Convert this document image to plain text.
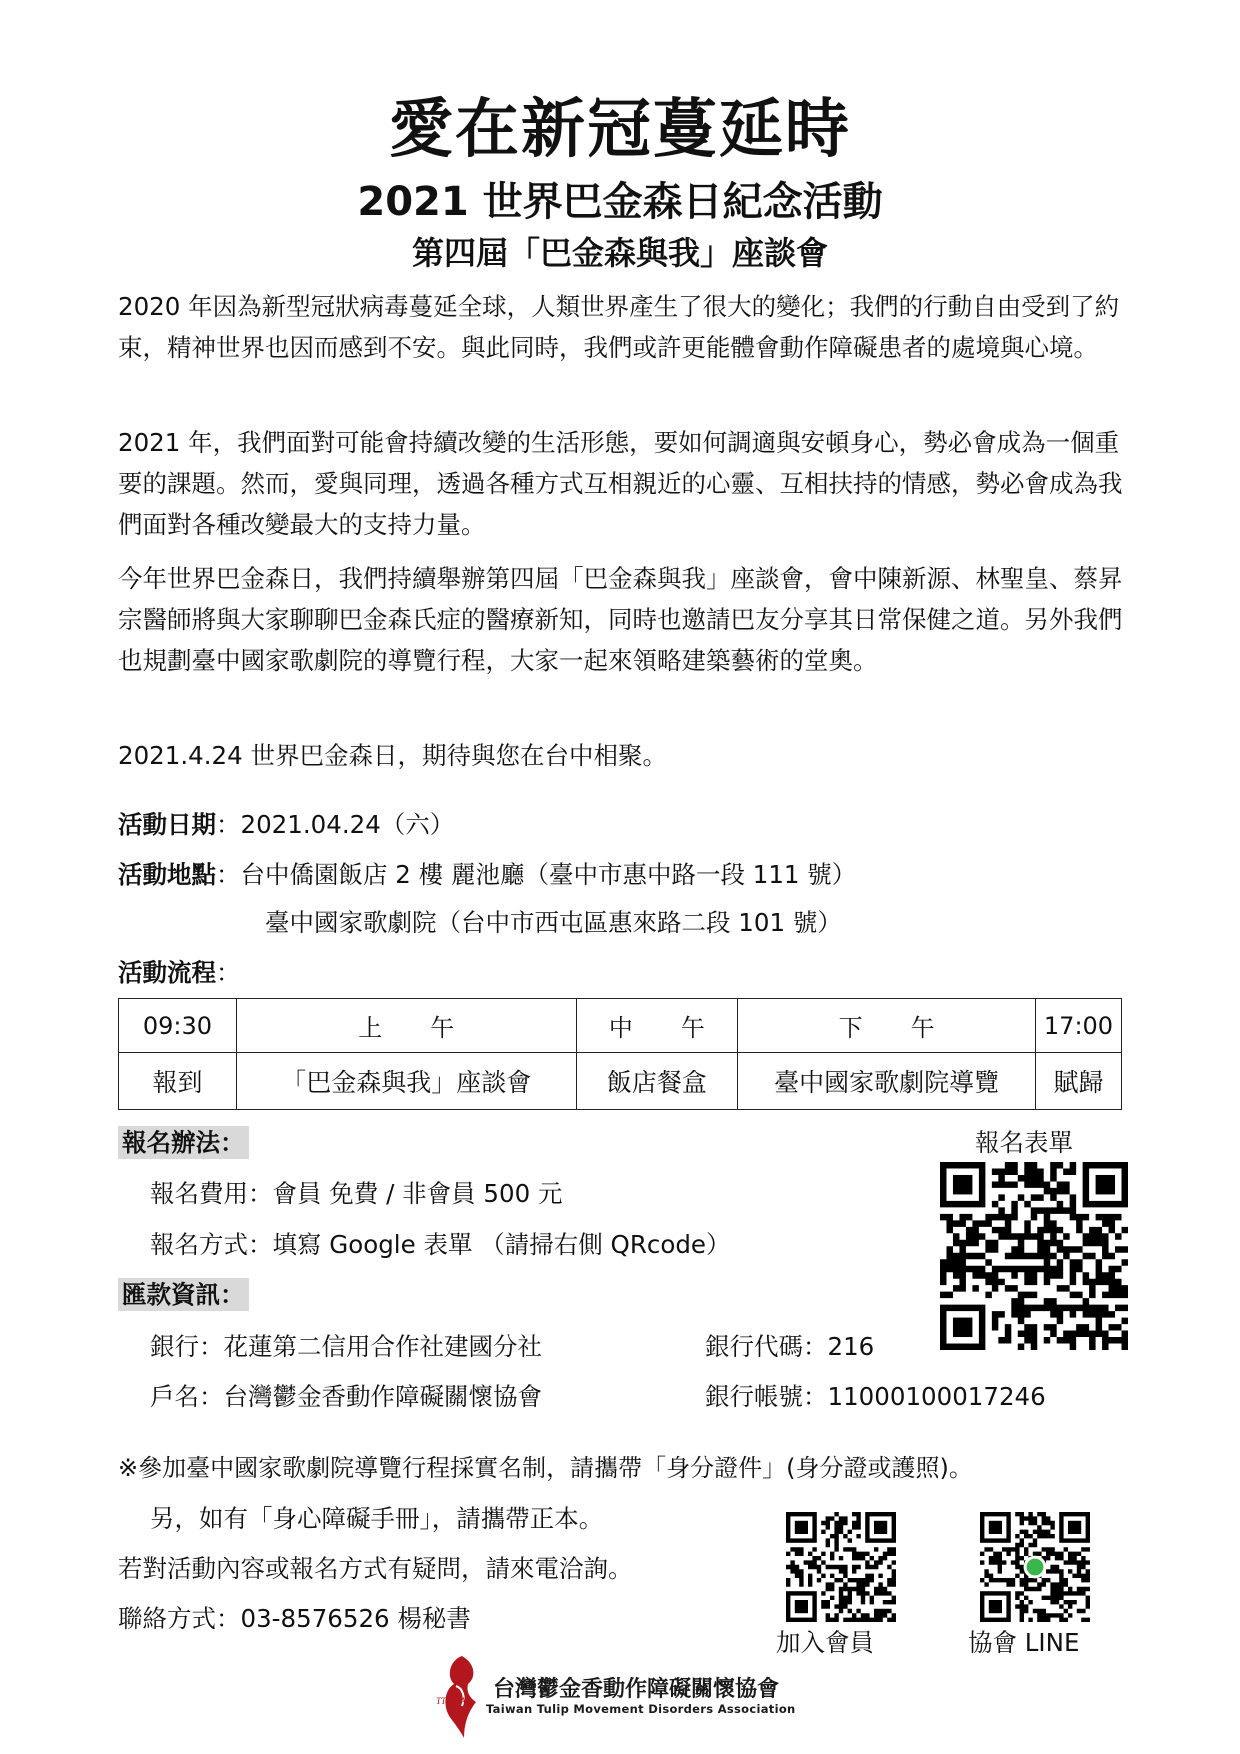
愛在新冠蔓延時
2021 世界巴金森日紀念活動
第四屆「巴金森與我」座談會
2020 年因為新型冠狀病毒蔓延全球，人類世界產生了很大的變化；我們的行動自由受到了約束，精神世界也因而感到不安。與此同時，我們或許更能體會動作障礙患者的處境與心境。
2021 年，我們面對可能會持續改變的生活形態，要如何調適與安頓身心，勢必會成為一個重要的課題。然而，愛與同理，透過各種方式互相親近的心靈、互相扶持的情感，勢必會成為我們面對各種改變最大的支持力量。
今年世界巴金森日，我們持續舉辦第四屆「巴金森與我」座談會，會中陳新源、林聖皇、蔡昇宗醫師將與大家聊聊巴金森氏症的醫療新知，同時也邀請巴友分享其日常保健之道。另外我們也規劃臺中國家歌劇院的導覽行程，大家一起來領略建築藝術的堂奧。
2021.4.24 世界巴金森日，期待與您在台中相聚。
活動日期：2021.04.24（六）
活動地點：台中僑園飯店 2 樓 麗池廳（臺中市惠中路一段 111 號）
臺中國家歌劇院（台中市西屯區惠來路二段 101 號）
活動流程：
09:30	上　　午	中　　午	下　　午	17:00
報到	「巴金森與我」座談會	飯店餐盒	臺中國家歌劇院導覽	賦歸
報名辦法：
報名費用：會員 免費 / 非會員 500 元
報名方式：填寫 Google 表單 （請掃右側 QRcode）
報名表單
匯款資訊：
銀行：花蓮第二信用合作社建國分社	銀行代碼：216
戶名：台灣鬱金香動作障礙關懷協會	銀行帳號：11000100017246
※參加臺中國家歌劇院導覽行程採實名制，請攜帶「身分證件」(身分證或護照)。
另，如有「身心障礙手冊」，請攜帶正本。
若對活動內容或報名方式有疑問，請來電洽詢。
聯絡方式：03-8576526 楊秘書
加入會員	協會 LINE
TTMDA 台灣鬱金香動作障礙關懷協會
Taiwan Tulip Movement Disorders Association
